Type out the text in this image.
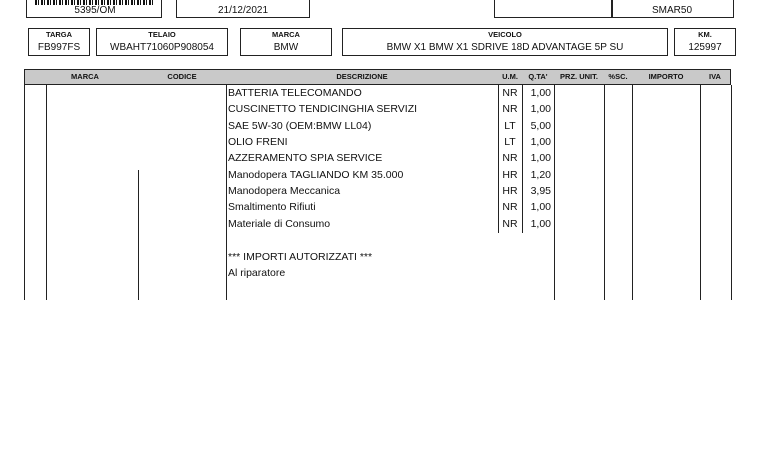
5395/OM	21/12/2021	SMAR50
TARGA
FB997FS
TELAIO
WBAHT71060P908054
MARCA
BMW
VEICOLO
BMW X1 BMW X1 SDRIVE 18D ADVANTAGE 5P SU
KM.
125997
MARCA	CODICE	DESCRIZIONE	U.M.	Q.TA'	PRZ. UNIT.	%SC.	IMPORTO	IVA
BATTERIA TELECOMANDO	NR	1,00
CUSCINETTO TENDICINGHIA SERVIZI	NR	1,00
SAE 5W-30 (OEM:BMW LL04)	LT	5,00
OLIO FRENI	LT	1,00
AZZERAMENTO SPIA SERVICE	NR	1,00
Manodopera TAGLIANDO KM 35.000	HR	1,20
Manodopera Meccanica	HR	3,95
Smaltimento Rifiuti	NR	1,00
Materiale di Consumo	NR	1,00
*** IMPORTI AUTORIZZATI ***
Al riparatore
